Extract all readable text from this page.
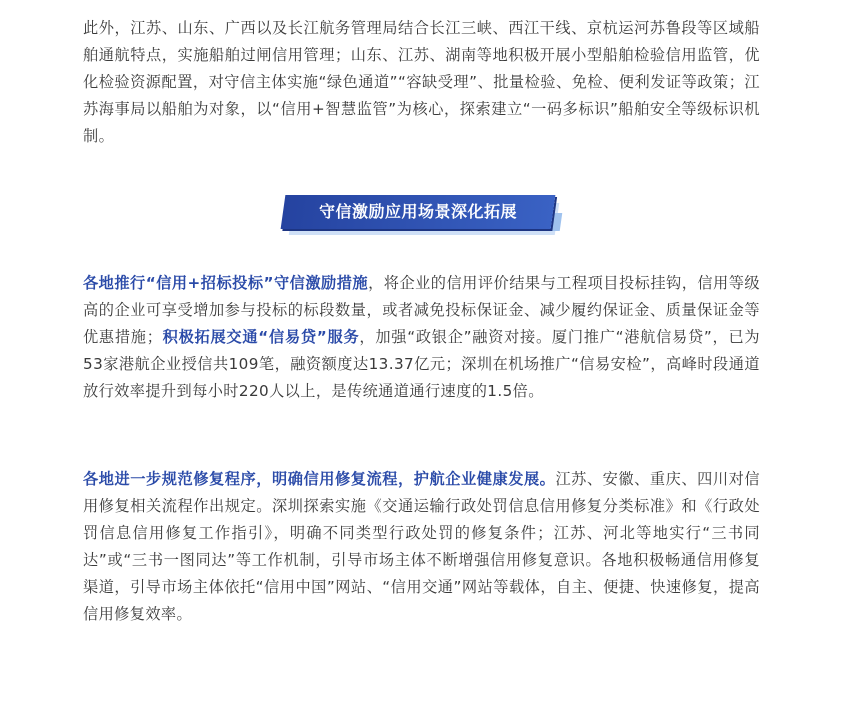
此外，江苏、山东、广西以及长江航务管理局结合长江三峡、西江干线、京杭运河苏鲁段等区域船舶通航特点，实施船舶过闸信用管理；山东、江苏、湖南等地积极开展小型船舶检验信用监管，优化检验资源配置，对守信主体实施“绿色通道”“容缺受理”、批量检验、免检、便利发证等政策；江苏海事局以船舶为对象，以“信用+智慧监管”为核心，探索建立“一码多标识”船舶安全等级标识机制。

守信激励应用场景深化拓展

各地推行“信用+招标投标”守信激励措施，将企业的信用评价结果与工程项目投标挂钩，信用等级高的企业可享受增加参与投标的标段数量，或者减免投标保证金、减少履约保证金、质量保证金等优惠措施；积极拓展交通“信易贷”服务，加强“政银企”融资对接。厦门推广“港航信易贷”，已为53家港航企业授信共109笔，融资额度达13.37亿元；深圳在机场推广“信易安检”，高峰时段通道放行效率提升到每小时220人以上，是传统通道通行速度的1.5倍。

各地进一步规范修复程序，明确信用修复流程，护航企业健康发展。江苏、安徽、重庆、四川对信用修复相关流程作出规定。深圳探索实施《交通运输行政处罚信息信用修复分类标准》和《行政处罚信息信用修复工作指引》，明确不同类型行政处罚的修复条件；江苏、河北等地实行“三书同达”或“三书一图同达”等工作机制，引导市场主体不断增强信用修复意识。各地积极畅通信用修复渠道，引导市场主体依托“信用中国”网站、“信用交通”网站等载体，自主、便捷、快速修复，提高信用修复效率。
